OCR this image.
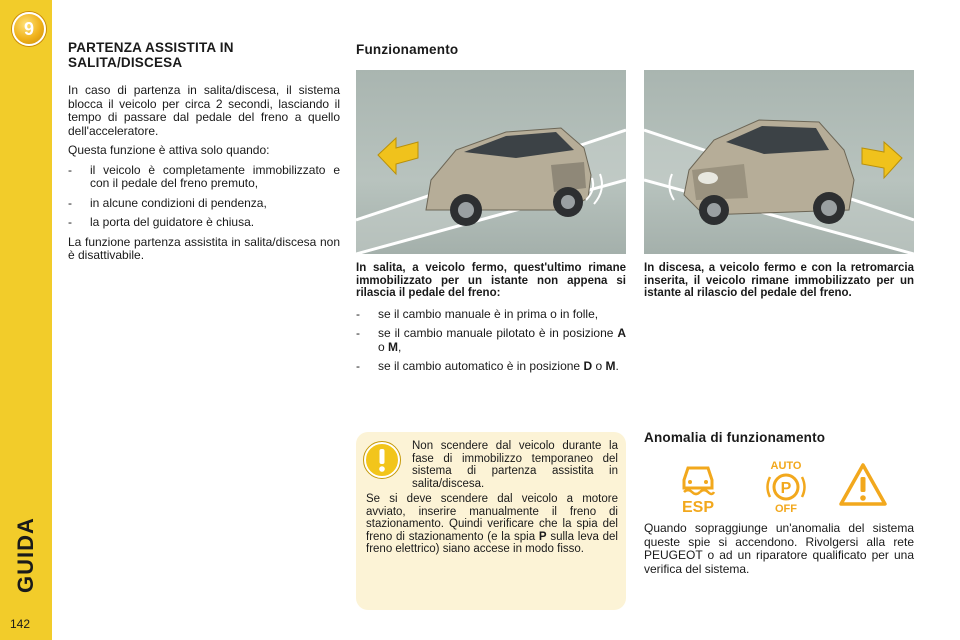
9
GUIDA
142
PARTENZA ASSISTITA IN
SALITA/DISCESA

In caso di partenza in salita/discesa, il sistema blocca il veicolo per circa 2 secondi, lasciando il tempo di passare dal pedale del freno a quello dell'acceleratore.

Questa funzione è attiva solo quando:

- il veicolo è completamente immobilizzato e con il pedale del freno premuto,
- in alcune condizioni di pendenza,
- la porta del guidatore è chiusa.

La funzione partenza assistita in salita/discesa non è disattivabile.

Funzionamento

In salita, a veicolo fermo, quest'ultimo rimane immobilizzato per un istante non appena si rilascia il pedale del freno:

- se il cambio manuale è in prima o in folle,
- se il cambio manuale pilotato è in posizione A o M,
- se il cambio automatico è in posizione D o M.

In discesa, a veicolo fermo e con la retromarcia inserita, il veicolo rimane immobilizzato per un istante al rilascio del pedale del freno.

Non scendere dal veicolo durante la fase di immobilizzo temporaneo del sistema di partenza assistita in salita/discesa.

Se si deve scendere dal veicolo a motore avviato, inserire manualmente il freno di stazionamento. Quindi verificare che la spia del freno di stazionamento (e la spia P sulla leva del freno elettrico) siano accese in modo fisso.

Anomalia di funzionamento
ESP
AUTO
P
OFF

Quando sopraggiunge un'anomalia del sistema queste spie si accendono. Rivolgersi alla rete PEUGEOT o ad un riparatore qualificato per una verifica del sistema.
